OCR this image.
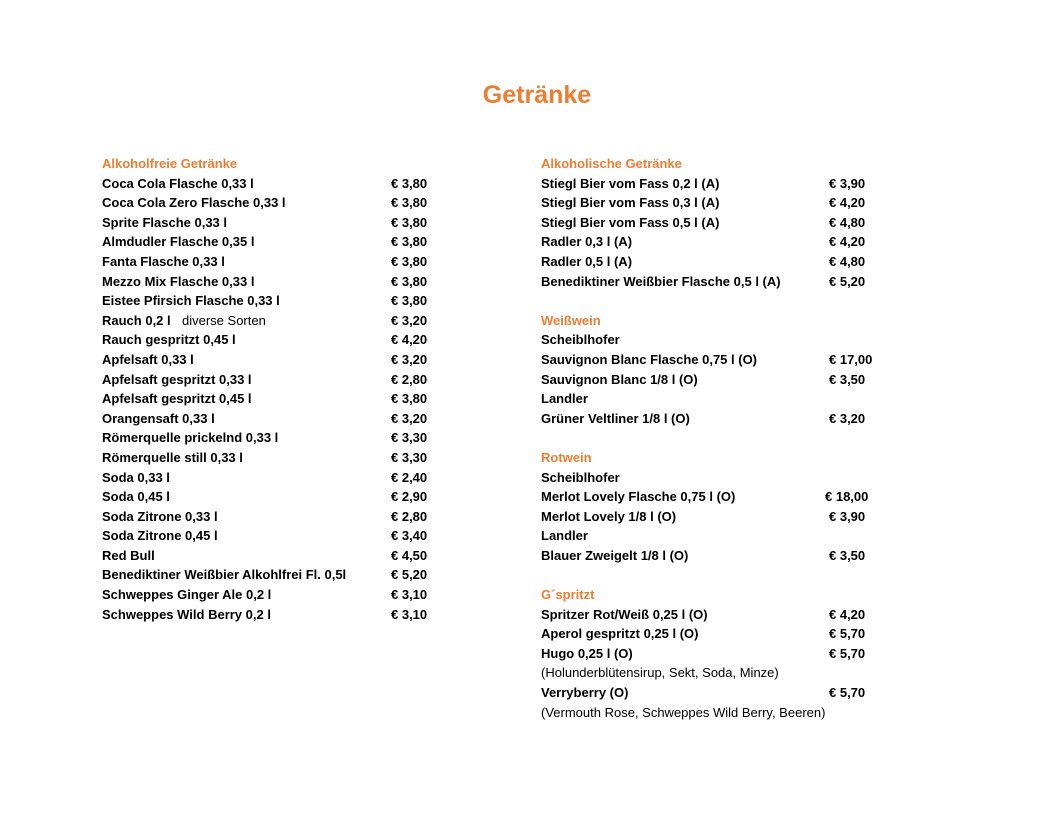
Getränke
Alkoholfreie Getränke
Coca Cola Flasche 0,33 l	€ 3,80
Coca Cola Zero Flasche 0,33 l	€ 3,80
Sprite Flasche 0,33 l	€ 3,80
Almdudler Flasche 0,35 l	€ 3,80
Fanta Flasche 0,33 l	€ 3,80
Mezzo Mix Flasche 0,33 l	€ 3,80
Eistee Pfirsich Flasche 0,33 l	€ 3,80
Rauch 0,2 l diverse Sorten	€ 3,20
Rauch gespritzt 0,45 l	€ 4,20
Apfelsaft 0,33 l	€ 3,20
Apfelsaft gespritzt 0,33 l	€ 2,80
Apfelsaft gespritzt 0,45 l	€ 3,80
Orangensaft 0,33 l	€ 3,20
Römerquelle prickelnd 0,33 l	€ 3,30
Römerquelle still 0,33 l	€ 3,30
Soda 0,33 l	€ 2,40
Soda 0,45 l	€ 2,90
Soda Zitrone 0,33 l	€ 2,80
Soda Zitrone 0,45 l	€ 3,40
Red Bull	€ 4,50
Benediktiner Weißbier Alkohlfrei Fl. 0,5l	€ 5,20
Schweppes Ginger Ale 0,2 l	€ 3,10
Schweppes Wild Berry 0,2 l	€ 3,10
Alkoholische Getränke
Stiegl Bier vom Fass 0,2 l (A)	€ 3,90
Stiegl Bier vom Fass 0,3 l (A)	€ 4,20
Stiegl Bier vom Fass 0,5 l (A)	€ 4,80
Radler 0,3 l (A)	€ 4,20
Radler 0,5 l (A)	€ 4,80
Benediktiner Weißbier Flasche 0,5 l (A)	€ 5,20
Weißwein
Scheiblhofer
Sauvignon Blanc Flasche 0,75 l (O)	€ 17,00
Sauvignon Blanc 1/8 l (O)	€ 3,50
Landler
Grüner Veltliner 1/8 l (O)	€ 3,20
Rotwein
Scheiblhofer
Merlot Lovely Flasche 0,75 l (O)	€ 18,00
Merlot Lovely 1/8 l (O)	€ 3,90
Landler
Blauer Zweigelt 1/8 l (O)	€ 3,50
G´spritzt
Spritzer Rot/Weiß 0,25 l (O)	€ 4,20
Aperol gespritzt 0,25 l (O)	€ 5,70
Hugo 0,25 l (O)	€ 5,70
(Holunderblütensirup, Sekt, Soda, Minze)
Verryberry (O)	€ 5,70
(Vermouth Rose, Schweppes Wild Berry, Beeren)
